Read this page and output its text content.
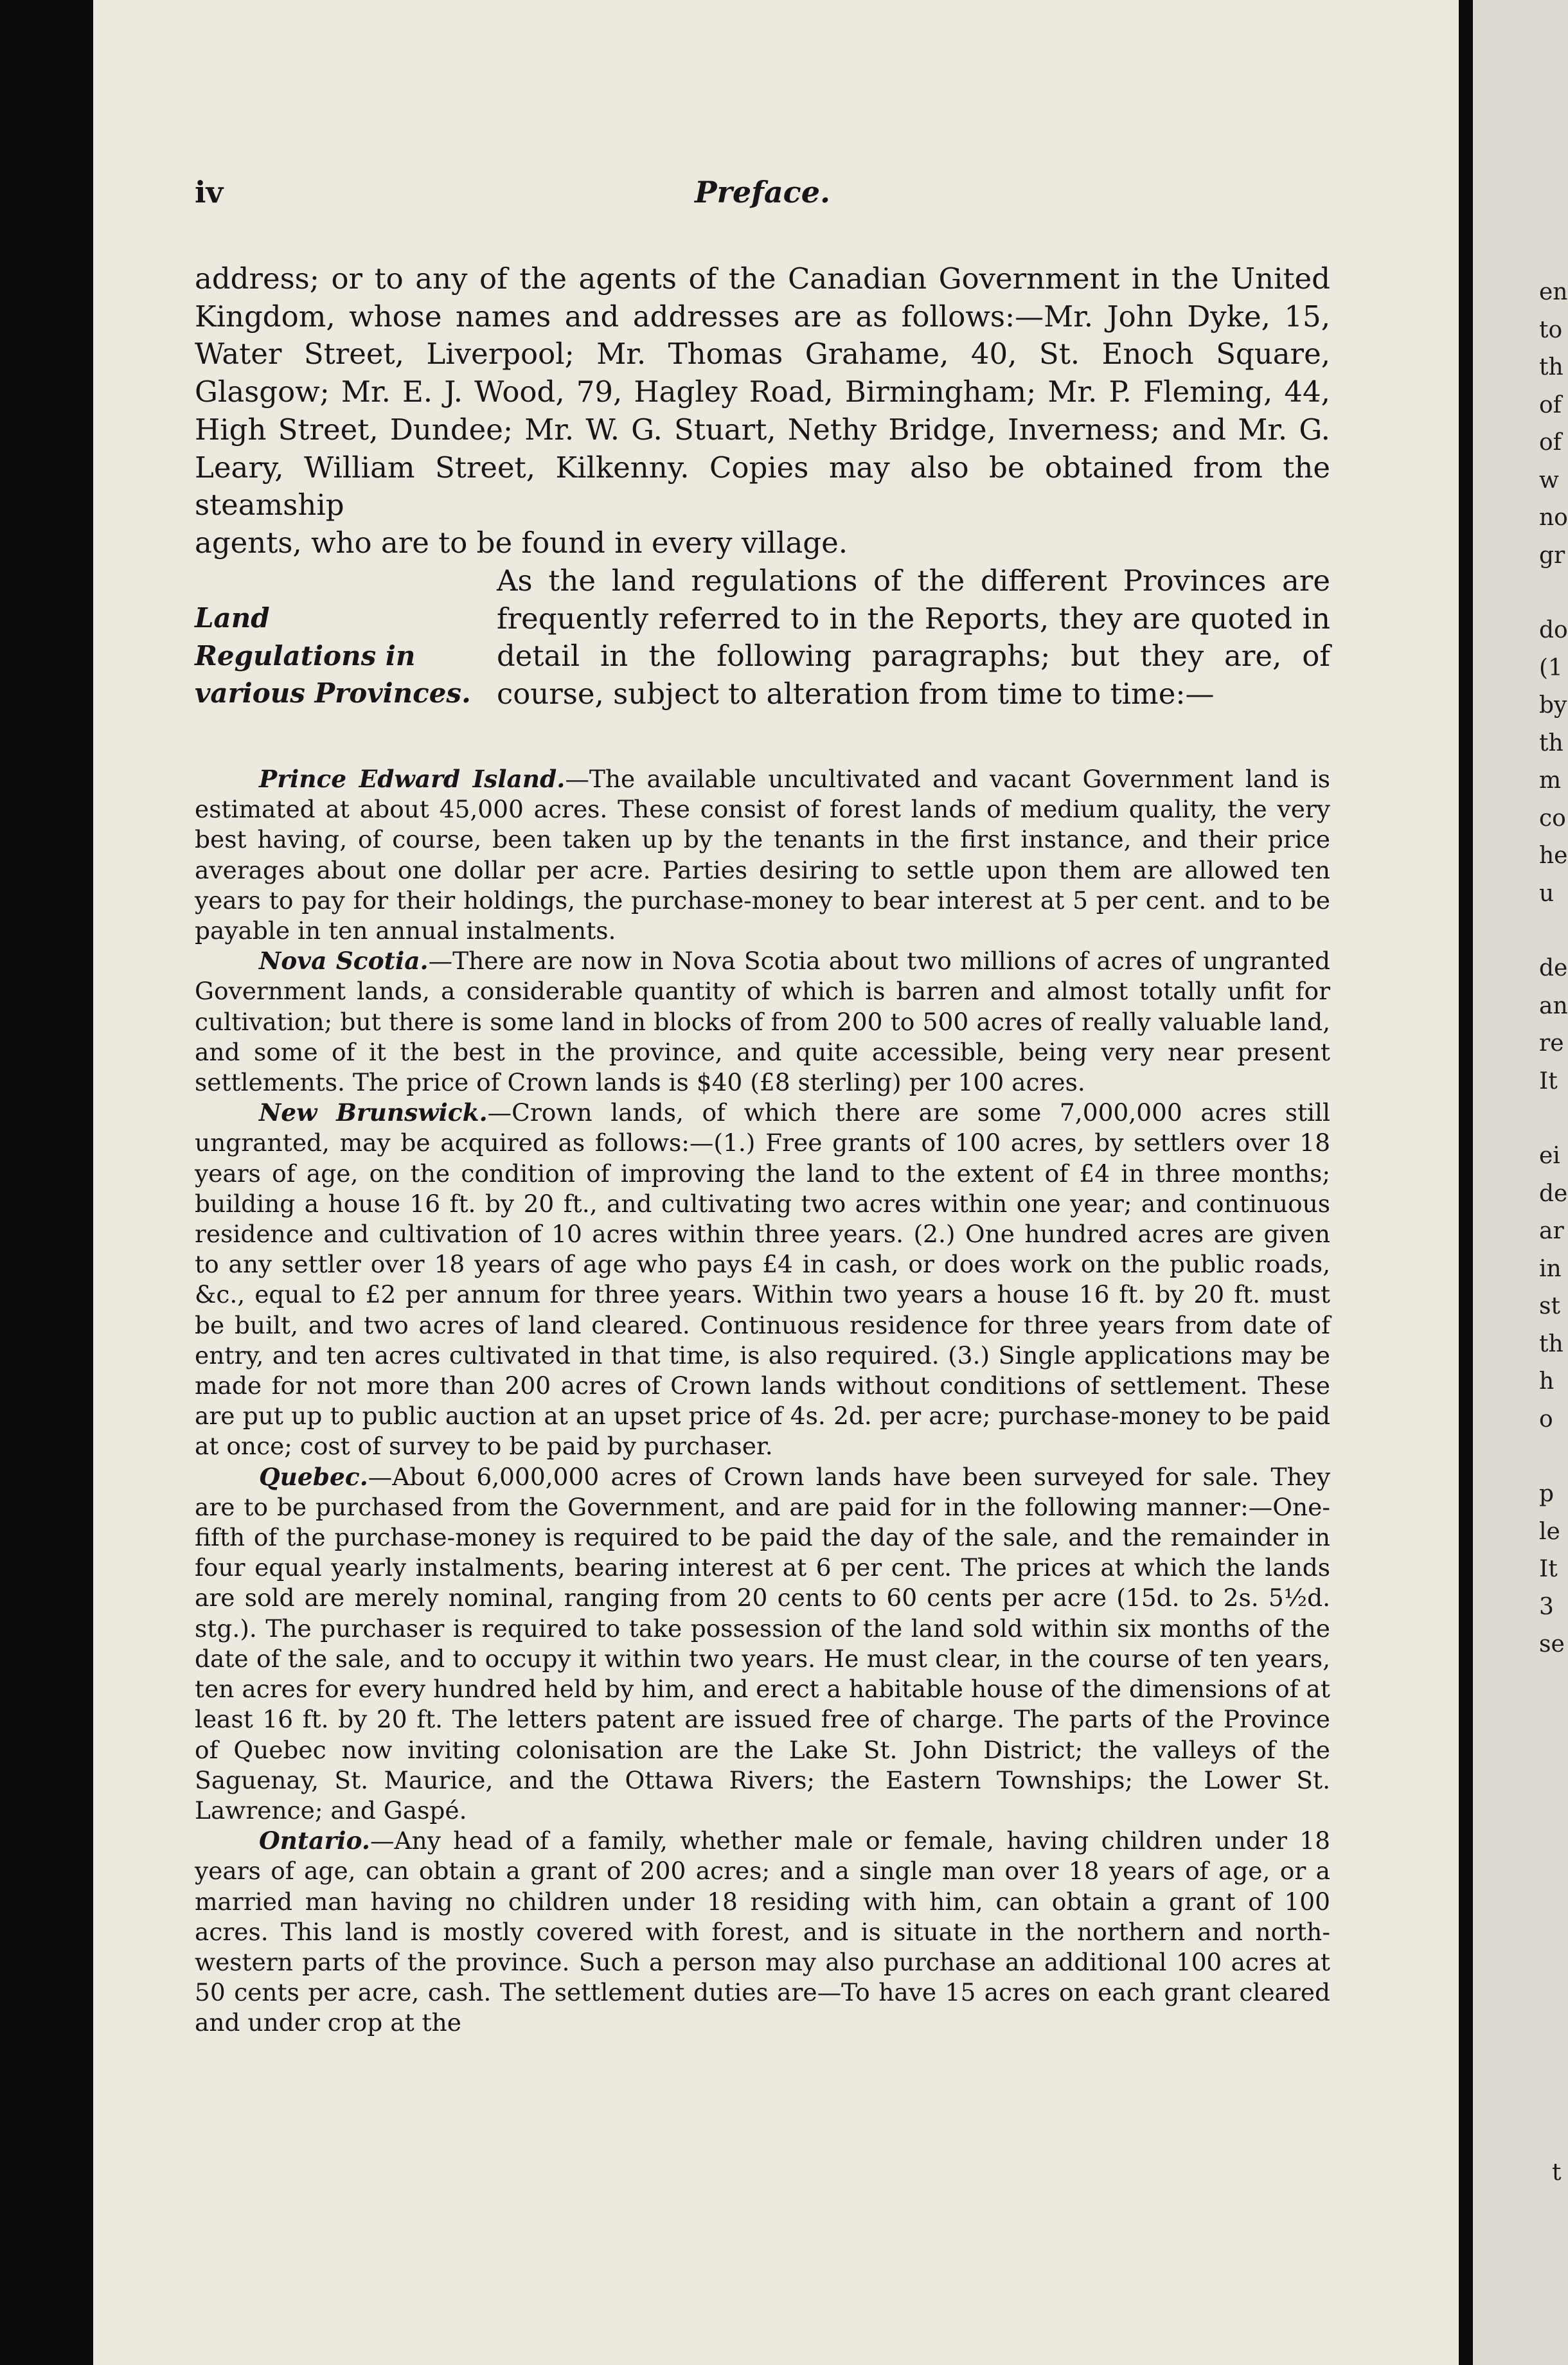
en
to
th
of
of
w
no
gr
do
(1
by
th
m
co
he
u
de
an
re
It
ei
de
ar
in
st
th
h
o
p
le
It
3
se
t
iv	Preface.
address; or to any of the agents of the Canadian Government in the United Kingdom, whose names and addresses are as follows:—Mr. John Dyke, 15, Water Street, Liverpool; Mr. Thomas Grahame, 40, St. Enoch Square, Glasgow; Mr. E. J. Wood, 79, Hagley Road, Birmingham; Mr. P. Fleming, 44, High Street, Dundee; Mr. W. G. Stuart, Nethy Bridge, Inverness; and Mr. G. Leary, William Street, Kilkenny. Copies may also be obtained from the steamship
agents, who are to be found in every village.
Land
Regulations in
various Provinces.

As the land regulations of the different Provinces are frequently referred to in the Reports, they are quoted in detail in the following paragraphs; but they are, of course, subject to alteration from time to time:—

Prince Edward Island.—The available uncultivated and vacant Government land is estimated at about 45,000 acres. These consist of forest lands of medium quality, the very best having, of course, been taken up by the tenants in the first instance, and their price averages about one dollar per acre. Parties desiring to settle upon them are allowed ten years to pay for their holdings, the purchase-money to bear interest at 5 per cent. and to be payable in ten annual instalments.

Nova Scotia.—There are now in Nova Scotia about two millions of acres of ungranted Government lands, a considerable quantity of which is barren and almost totally unfit for cultivation; but there is some land in blocks of from 200 to 500 acres of really valuable land, and some of it the best in the province, and quite accessible, being very near present settlements. The price of Crown lands is $40 (£8 sterling) per 100 acres.

New Brunswick.—Crown lands, of which there are some 7,000,000 acres still ungranted, may be acquired as follows:—(1.) Free grants of 100 acres, by settlers over 18 years of age, on the condition of improving the land to the extent of £4 in three months; building a house 16 ft. by 20 ft., and cultivating two acres within one year; and continuous residence and cultivation of 10 acres within three years. (2.) One hundred acres are given to any settler over 18 years of age who pays £4 in cash, or does work on the public roads, &c., equal to £2 per annum for three years. Within two years a house 16 ft. by 20 ft. must be built, and two acres of land cleared. Continuous residence for three years from date of entry, and ten acres cultivated in that time, is also required. (3.) Single applications may be made for not more than 200 acres of Crown lands without conditions of settlement. These are put up to public auction at an upset price of 4s. 2d. per acre; purchase-money to be paid at once; cost of survey to be paid by purchaser.

Quebec.—About 6,000,000 acres of Crown lands have been surveyed for sale. They are to be purchased from the Government, and are paid for in the following manner:—One-fifth of the purchase-money is required to be paid the day of the sale, and the remainder in four equal yearly instalments, bearing interest at 6 per cent. The prices at which the lands are sold are merely nominal, ranging from 20 cents to 60 cents per acre (15d. to 2s. 5½d. stg.). The purchaser is required to take possession of the land sold within six months of the date of the sale, and to occupy it within two years. He must clear, in the course of ten years, ten acres for every hundred held by him, and erect a habitable house of the dimensions of at least 16 ft. by 20 ft. The letters patent are issued free of charge. The parts of the Province of Quebec now inviting colonisation are the Lake St. John District; the valleys of the Saguenay, St. Maurice, and the Ottawa Rivers; the Eastern Townships; the Lower St. Lawrence; and Gaspé.

Ontario.—Any head of a family, whether male or female, having children under 18 years of age, can obtain a grant of 200 acres; and a single man over 18 years of age, or a married man having no children under 18 residing with him, can obtain a grant of 100 acres. This land is mostly covered with forest, and is situate in the northern and north-western parts of the province. Such a person may also purchase an additional 100 acres at 50 cents per acre, cash. The settlement duties are—To have 15 acres on each grant cleared and under crop at the
